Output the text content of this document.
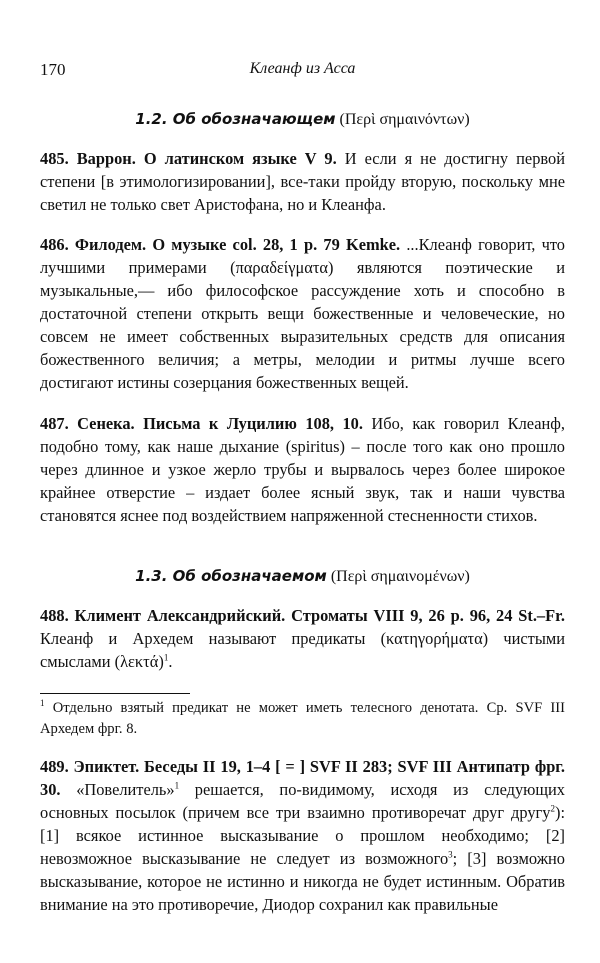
170	Клеанф из Асса

1.2. Об обозначающем (Περὶ σημαινόντων)

485. Варрон. О латинском языке V 9. И если я не достигну первой степени [в этимологизировании], все-таки пройду вторую, поскольку мне светил не только свет Аристофана, но и Клеанфа.

486. Филодем. О музыке col. 28, 1 p. 79 Kemke. ...Клеанф говорит, что лучшими примерами (παραδείγματα) являются поэтические и музыкальные,— ибо философское рассуждение хоть и способно в достаточной степени открыть вещи божественные и человеческие, но совсем не имеет собственных выразительных средств для описания божественного величия; а метры, мелодии и ритмы лучше всего достигают истины созерцания божественных вещей.

487. Сенека. Письма к Луцилию 108, 10. Ибо, как говорил Клеанф, подобно тому, как наше дыхание (spiritus) – после того как оно прошло через длинное и узкое жерло трубы и вырвалось через более широкое крайнее отверстие – издает более ясный звук, так и наши чувства становятся яснее под воздействием напряженной стесненности стихов.

1.3. Об обозначаемом (Περὶ σημαινομένων)

488. Климент Александрийский. Строматы VIII 9, 26 p. 96, 24 St.–Fr. Клеанф и Архедем называют предикаты (κατηγορήματα) чистыми смыслами $(\lambda\varepsilon\kappa\tau ά)^1$.

$^1$ Отдельно взятый предикат не может иметь телесного денотата. Ср. SVF III Архедем фрг. 8.

489. Эпиктет. Беседы II 19, 1–4 [ = ] SVF II 283; SVF III Антипатр фрг. 30. «Повелитель»$^1$ решается, по-видимому, исходя из следующих основных посылок (причем все три взаимно противоречат друг другу$^2$): [1] всякое истинное высказывание о прошлом необходимо; [2] невозможное высказывание не следует из возможного$^3$; [3] возможно высказывание, которое не истинно и никогда не будет истинным. Обратив внимание на это противоречие, Диодор сохранил как правильные
